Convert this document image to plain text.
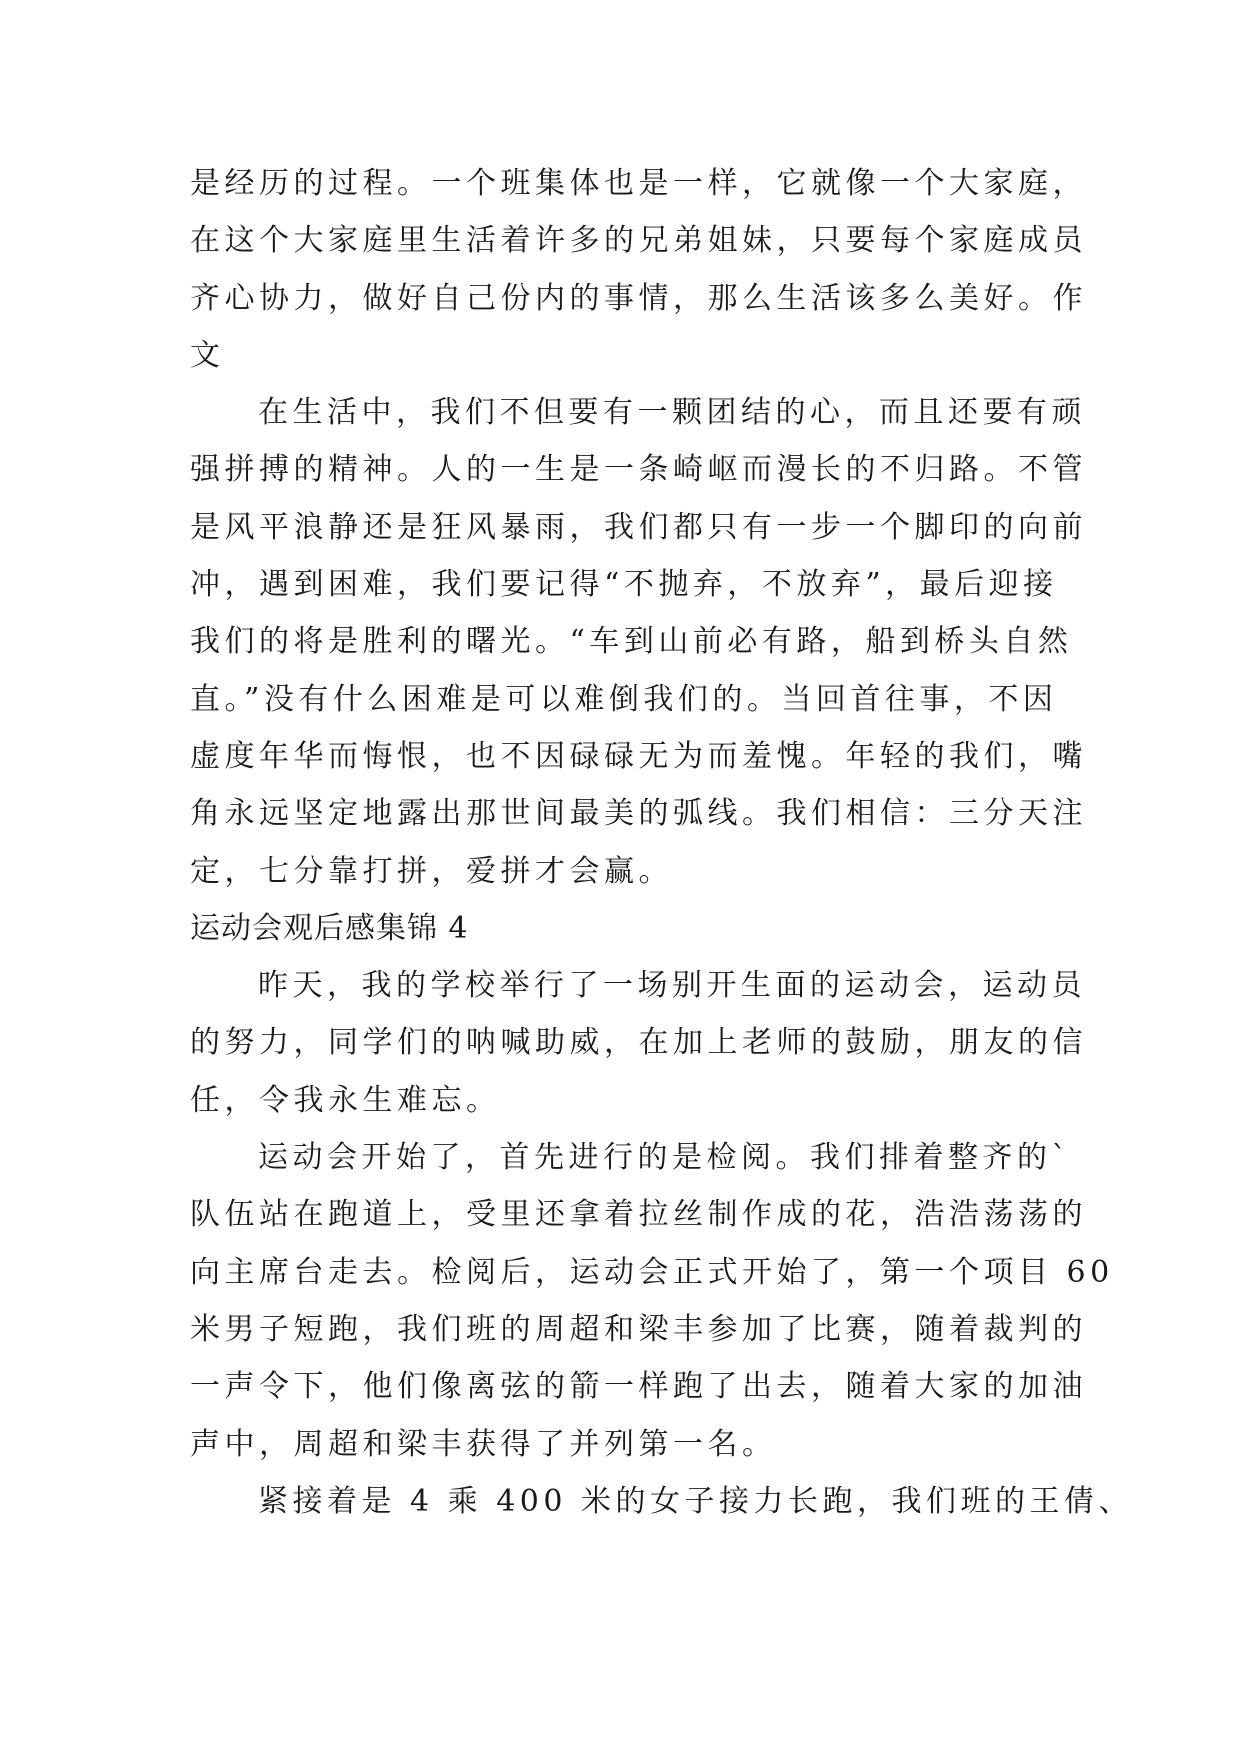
是经历的过程。一个班集体也是一样，它就像一个大家庭，
在这个大家庭里生活着许多的兄弟姐妹，只要每个家庭成员
齐心协力，做好自己份内的事情，那么生活该多么美好。作
文
在生活中，我们不但要有一颗团结的心，而且还要有顽
强拼搏的精神。人的一生是一条崎岖而漫长的不归路。不管
是风平浪静还是狂风暴雨，我们都只有一步一个脚印的向前
冲，遇到困难，我们要记得“不抛弃，不放弃”，最后迎接
我们的将是胜利的曙光。“车到山前必有路，船到桥头自然
直。”没有什么困难是可以难倒我们的。当回首往事，不因
虚度年华而悔恨，也不因碌碌无为而羞愧。年轻的我们，嘴
角永远坚定地露出那世间最美的弧线。我们相信：三分天注
定，七分靠打拼，爱拼才会赢。
运动会观后感集锦 4
昨天，我的学校举行了一场别开生面的运动会，运动员
的努力，同学们的呐喊助威，在加上老师的鼓励，朋友的信
任，令我永生难忘。
运动会开始了，首先进行的是检阅。我们排着整齐的`
队伍站在跑道上，受里还拿着拉丝制作成的花，浩浩荡荡的
向主席台走去。检阅后，运动会正式开始了，第一个项目 60
米男子短跑，我们班的周超和梁丰参加了比赛，随着裁判的
一声令下，他们像离弦的箭一样跑了出去，随着大家的加油
声中，周超和梁丰获得了并列第一名。
紧接着是 4 乘 400 米的女子接力长跑，我们班的王倩、
